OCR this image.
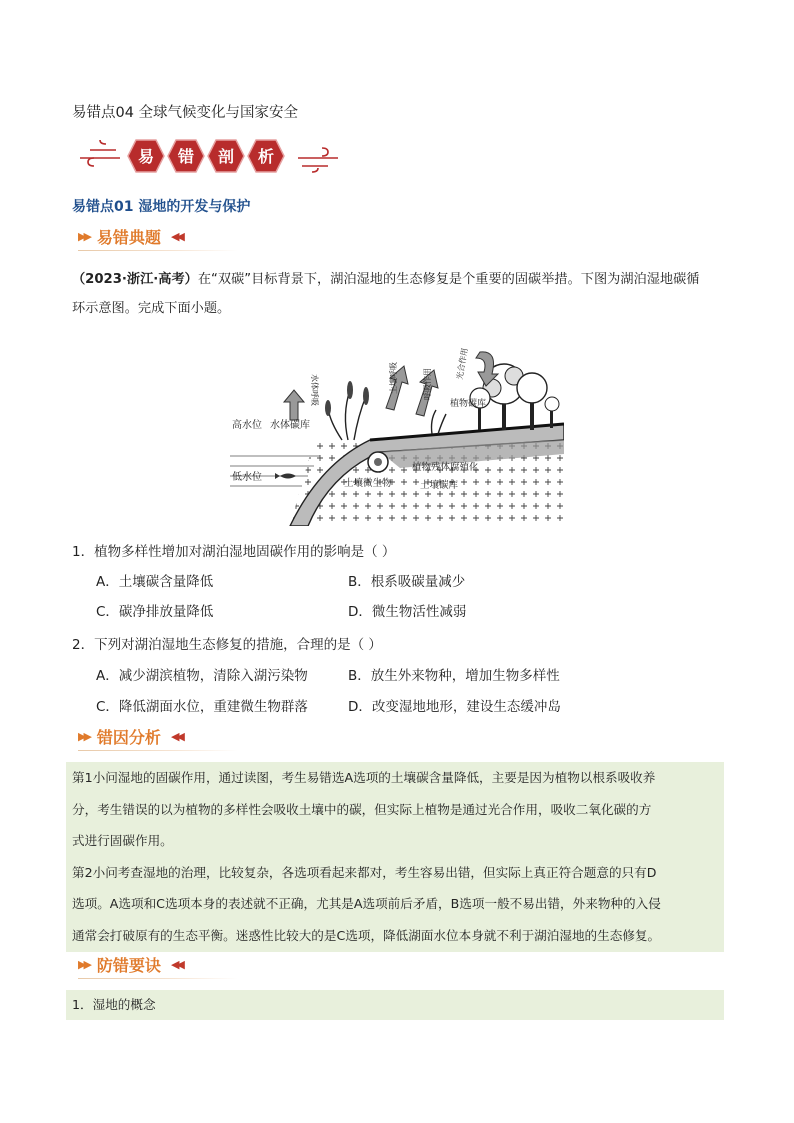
易错点04 全球气候变化与国家安全
易 错 剖 析
易错点01 湿地的开发与保护
▶▶ 易错典题 ◀◀
（2023·浙江·高考）在“双碳”目标背景下，湖泊湿地的生态修复是个重要的固碳举措。下图为湖泊湿地碳循
环示意图。完成下面小题。
高水位 水体碳库
低水位
水体呼吸	土壤呼吸	呼吸作用
光合作用
植物碳库
植物残体腐殖化
土壤微生物	土壤碳库
1．植物多样性增加对湖泊湿地固碳作用的影响是（ ）
A．土壤碳含量降低	B．根系吸碳量减少
C．碳净排放量降低	D．微生物活性减弱
2．下列对湖泊湿地生态修复的措施，合理的是（ ）
A．减少湖滨植物，清除入湖污染物	B．放生外来物种，增加生物多样性
C．降低湖面水位，重建微生物群落	D．改变湿地地形，建设生态缓冲岛
▶▶ 错因分析 ◀◀
第1小问湿地的固碳作用，通过读图，考生易错选A选项的土壤碳含量降低，主要是因为植物以根系吸收养
分，考生错误的以为植物的多样性会吸收土壤中的碳，但实际上植物是通过光合作用，吸收二氧化碳的方
式进行固碳作用。
第2小问考查湿地的治理，比较复杂，各选项看起来都对，考生容易出错，但实际上真正符合题意的只有D
选项。A选项和C选项本身的表述就不正确，尤其是A选项前后矛盾，B选项一般不易出错，外来物种的入侵
通常会打破原有的生态平衡。迷惑性比较大的是C选项，降低湖面水位本身就不利于湖泊湿地的生态修复。
▶▶ 防错要诀 ◀◀
1．湿地的概念
